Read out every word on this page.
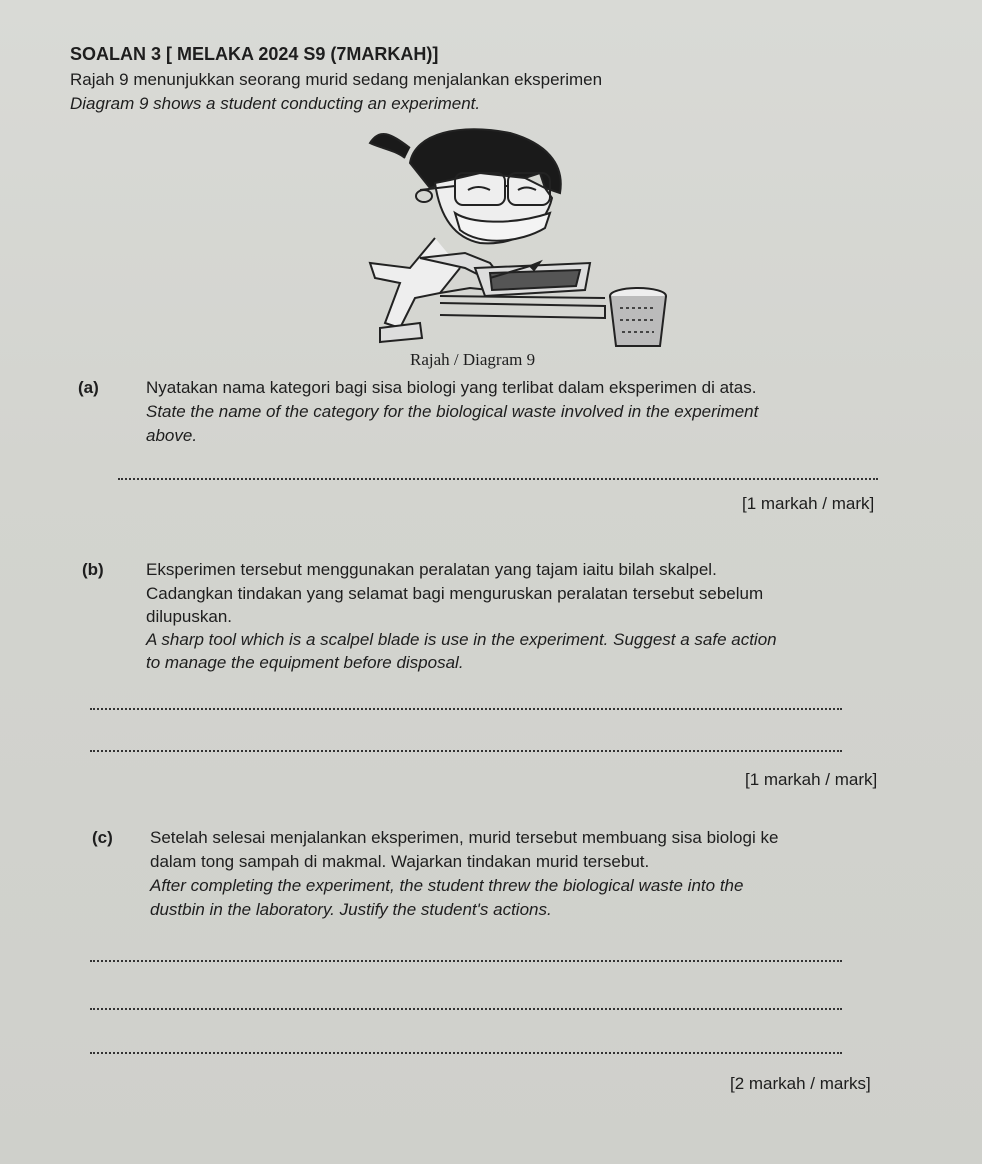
SOALAN 3 [ MELAKA 2024 S9 (7MARKAH)]
Rajah 9 menunjukkan seorang murid sedang menjalankan eksperimen
Diagram 9 shows a student conducting an experiment.
Rajah / Diagram 9
(a)	Nyatakan nama kategori bagi sisa biologi yang terlibat dalam eksperimen di atas.
State the name of the category for the biological waste involved in the experiment
above.
[1 markah / mark]
(b) Eksperimen tersebut menggunakan peralatan yang tajam iaitu bilah skalpel.
Cadangkan tindakan yang selamat bagi menguruskan peralatan tersebut sebelum
dilupuskan.
A sharp tool which is a scalpel blade is use in the experiment. Suggest a safe action
to manage the equipment before disposal.
[1 markah / mark]
(c) Setelah selesai menjalankan eksperimen, murid tersebut membuang sisa biologi ke
dalam tong sampah di makmal. Wajarkan tindakan murid tersebut.
After completing the experiment, the student threw the biological waste into the
dustbin in the laboratory. Justify the student's actions.
[2 markah / marks]
